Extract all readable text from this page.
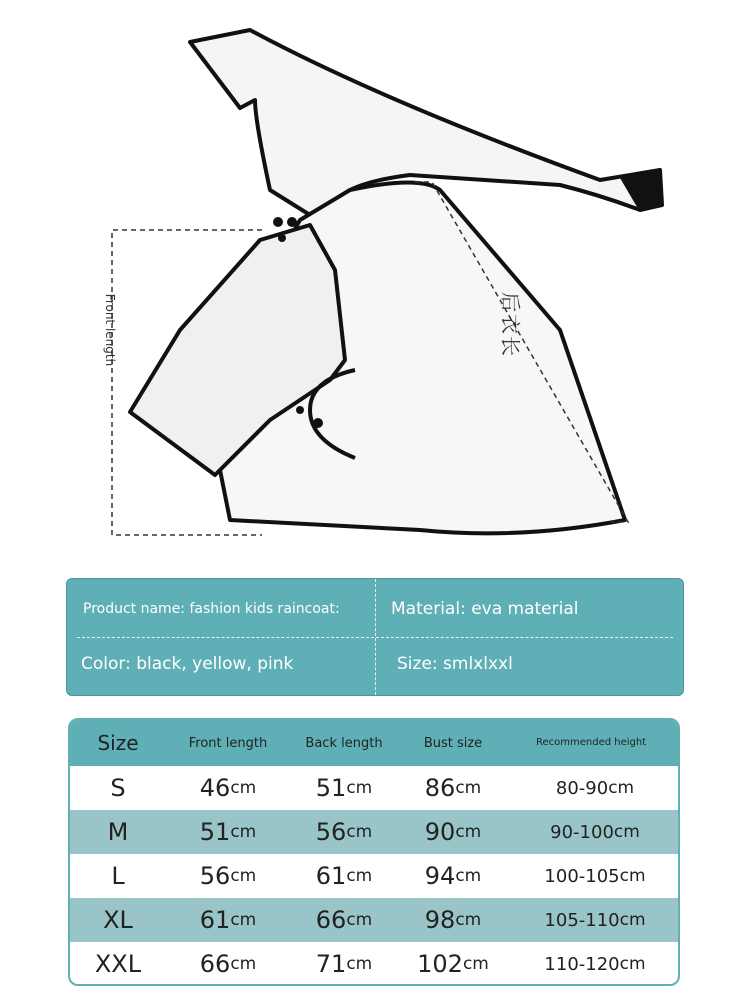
Front length	后衣长
Product name: fashion kids raincoat:	Material: eva material
Color: black, yellow, pink	Size: smlxlxxl
Size	Front length	Back length	Bust size	Recommended height
S	46 cm 51 cm 86 cm	80-90 cm
M	51 cm 56 cm 90 cm	90-100 cm
L	56 cm 61 cm 94 cm	100-105 cm
XL	61 cm 66 cm 98 cm	105-110 cm
XXL	66 cm 71 cm 102 cm	110-120 cm
